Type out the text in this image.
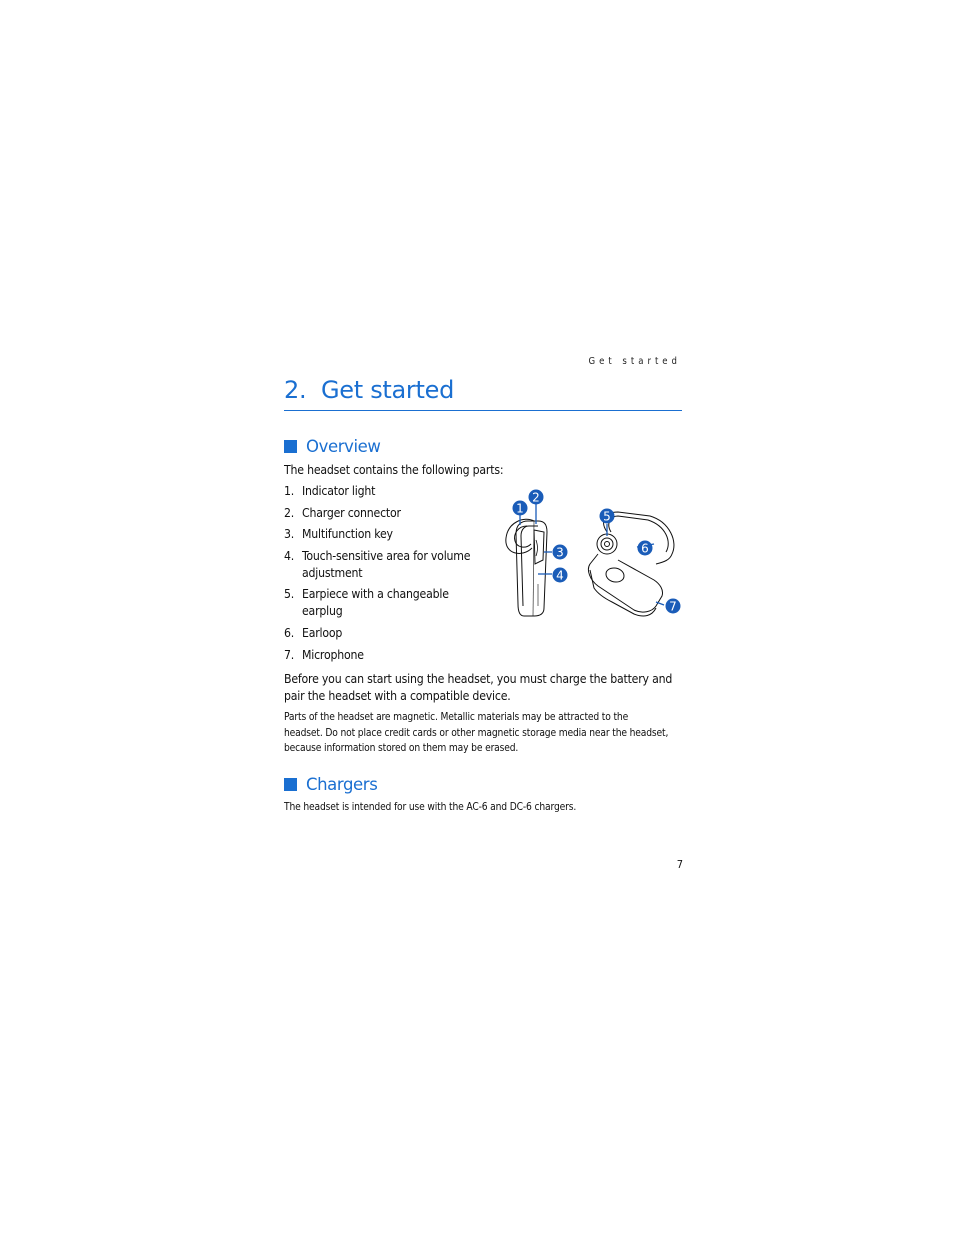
Get started
2. Get started
Overview

The headset contains the following parts:

1. Indicator light
2. Charger connector
3. Multifunction key
4. Touch-sensitive area for volume adjustment
5. Earpiece with a changeable earplug
6. Earloop
7. Microphone
1
2
3
4
5
6
7

Before you can start using the headset, you must charge the battery and pair the headset with a compatible device.

Parts of the headset are magnetic. Metallic materials may be attracted to the headset. Do not place credit cards or other magnetic storage media near the headset, because information stored on them may be erased.

Chargers

The headset is intended for use with the AC-6 and DC-6 chargers.

7
